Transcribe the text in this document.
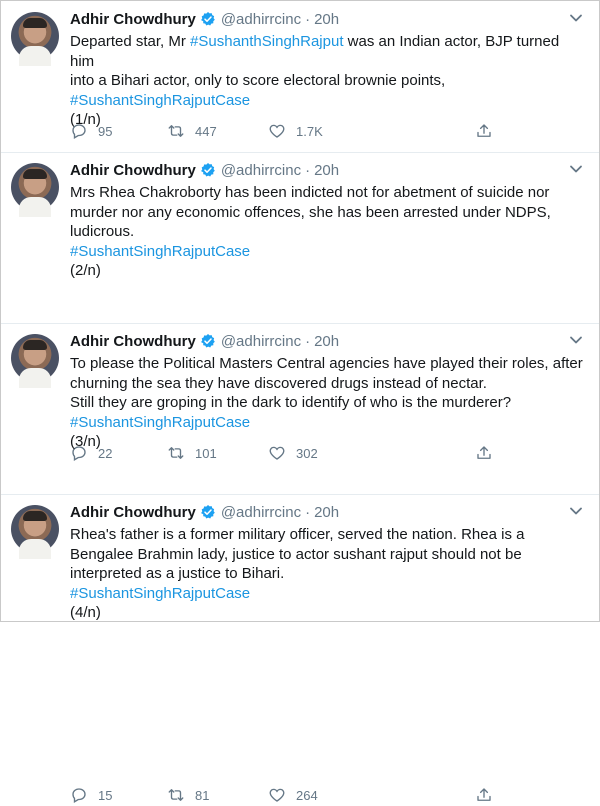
Adhir Chowdhury @adhirrcinc · 20h

Departed star, Mr #SushanthSinghRajput was an Indian actor, BJP turned him

into a Bihari actor, only to score electoral brownie points,

#SushantSinghRajputCase

(1/n)

95	447	1.7K
Adhir Chowdhury @adhirrcinc · 20h

Mrs Rhea Chakroborty has been indicted not for abetment of suicide nor

murder nor any economic offences, she has been arrested under NDPS,

ludicrous.

#SushantSinghRajputCase

(2/n)

22	101	302
Adhir Chowdhury @adhirrcinc · 20h

To please the Political Masters Central agencies have played their roles, after

churning the sea they have discovered drugs instead of nectar.

Still they are groping in the dark to identify of who is the murderer?

#SushantSinghRajputCase

(3/n)

15	81	264
Adhir Chowdhury @adhirrcinc · 20h

Rhea's father is a former military officer, served the nation. Rhea is a

Bengalee Brahmin lady, justice to actor sushant rajput should not be

interpreted as a justice to Bihari.

#SushantSinghRajputCase

(4/n)
